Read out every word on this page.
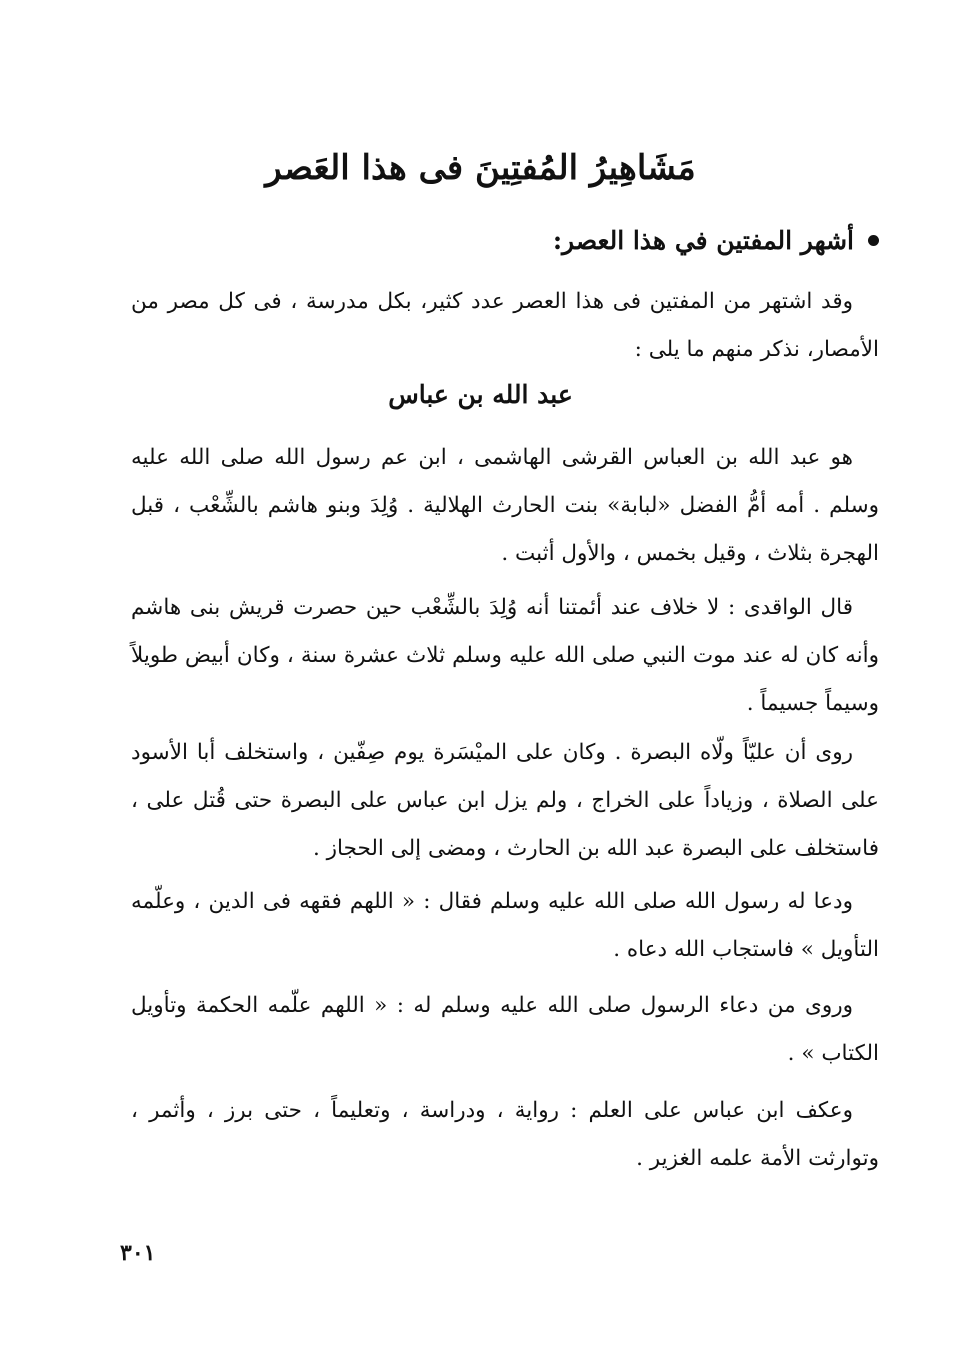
مَشَاهِيرُ المُفتِينَ فى هذا العَصر
أشهر المفتين في هذا العصر:
وقد اشتهر من المفتين فى هذا العصر عدد كثير، بكل مدرسة ، فى كل مصر من الأمصار، نذكر منهم ما يلى :
عبد الله بن عباس
هو عبد الله بن العباس القرشى الهاشمى ، ابن عم رسول الله صلى الله عليه وسلم . أمه أمُّ الفضل «لبابة» بنت الحارث الهلالية . وُلِدَ وبنو هاشم بالشِّعْب ، قبل الهجرة بثلاث ، وقيل بخمس ، والأول أثبت .
قال الواقدى : لا خلاف عند أئمتنا أنه وُلِدَ بالشِّعْب حين حصرت قريش بنى هاشم وأنه كان له عند موت النبي صلى الله عليه وسلم ثلاث عشرة سنة ، وكان أبيض طويلاً وسيماً جسيماً .
روى أن عليّاً ولّاه البصرة . وكان على الميْسَرة يوم صِفّين ، واستخلف أبا الأسود على الصلاة ، وزياداً على الخراج ، ولم يزل ابن عباس على البصرة حتى قُتل على ، فاستخلف على البصرة عبد الله بن الحارث ، ومضى إلى الحجاز .
ودعا له رسول الله صلى الله عليه وسلم فقال : « اللهم فقهه فى الدين ، وعلّمه التأويل » فاستجاب الله دعاه .
وروى من دعاء الرسول صلى الله عليه وسلم له : « اللهم علّمه الحكمة وتأويل الكتاب » .
وعكف ابن عباس على العلم : رواية ، ودراسة ، وتعليماً ، حتى برز ، وأثمر ، وتوارثت الأمة علمه الغزير .
٣٠١
